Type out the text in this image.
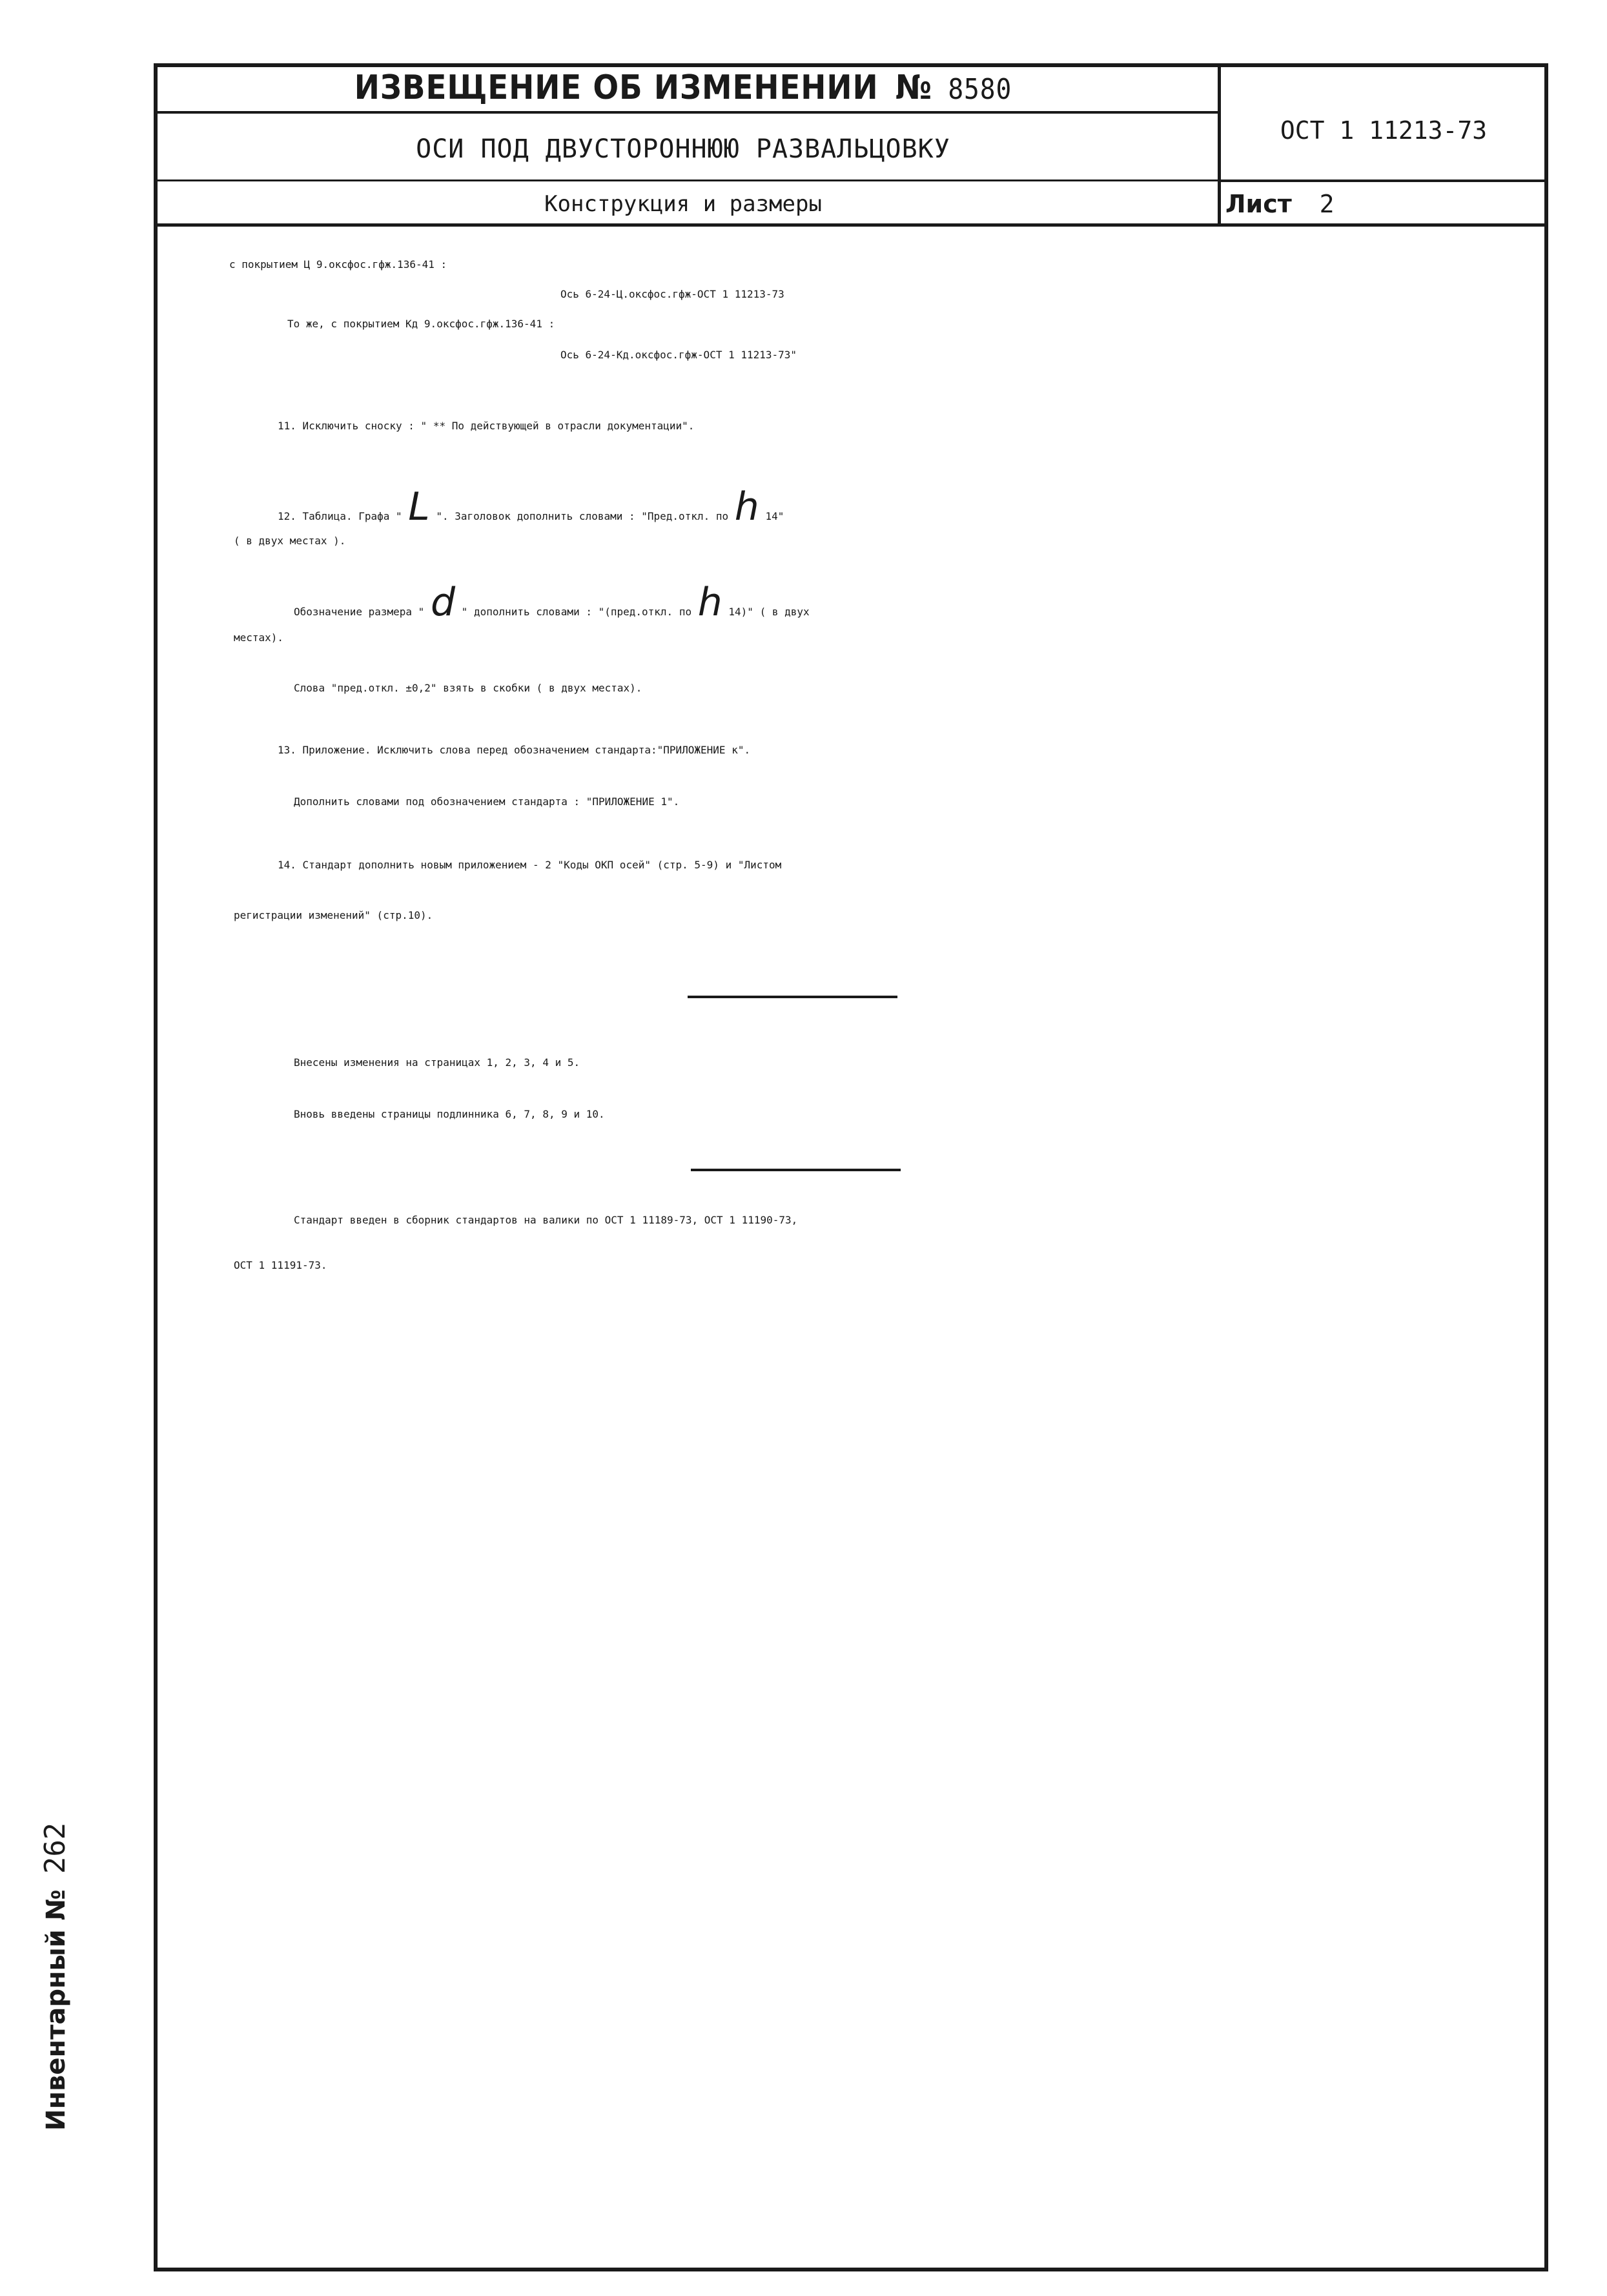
ИЗВЕЩЕНИЕ ОБ ИЗМЕНЕНИИ № 8580
ОСИ ПОД ДВУСТОРОННЮЮ РАЗВАЛЬЦОВКУ
Конструкция и размеры
ОСТ 1 11213-73
Лист 2
с покрытием Ц 9.оксфос.гфж.136-41 :
Ось 6-24-Ц.оксфос.гфж-ОСТ 1 11213-73
То же, с покрытием Кд 9.оксфос.гфж.136-41 :
Ось 6-24-Кд.оксфос.гфж-ОСТ 1 11213-73"
11. Исключить сноску : " ** По действующей в отрасли документации".
12. Таблица. Графа " L ". Заголовок дополнить словами : "Пред.откл. по h 14"
( в двух местах ).
Обозначение размера " d " дополнить словами : "(пред.откл. по h 14)" ( в двух
местах).
Слова "пред.откл. ±0,2" взять в скобки ( в двух местах).
13. Приложение. Исключить слова перед обозначением стандарта:"ПРИЛОЖЕНИЕ к".
Дополнить словами под обозначением стандарта : "ПРИЛОЖЕНИЕ 1".
14. Стандарт дополнить новым приложением - 2 "Коды ОКП осей" (стр. 5-9) и "Листом
регистрации изменений" (стр.10).
Внесены изменения на страницах 1, 2, 3, 4 и 5.
Вновь введены страницы подлинника 6, 7, 8, 9 и 10.
Стандарт введен в сборник стандартов на валики по ОСТ 1 11189-73, ОСТ 1 11190-73,
ОСТ 1 11191-73.
Инвентарный № 262
